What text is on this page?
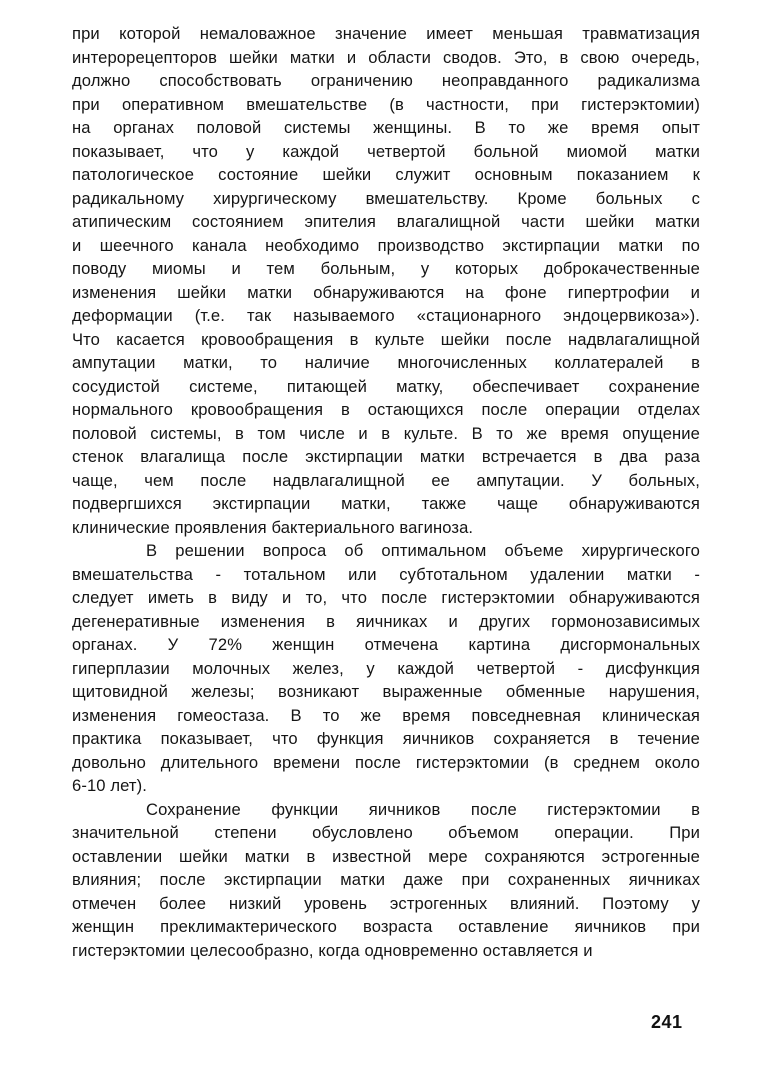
при которой немаловажное значение имеет меньшая травматизация
интерорецепторов шейки матки и области сводов. Это, в свою очередь,
должно способствовать ограничению неоправданного радикализма
при оперативном вмешательстве (в частности, при гистерэктомии)
на органах половой системы женщины. В то же время опыт
показывает, что у каждой четвертой больной миомой матки
патологическое состояние шейки служит основным показанием к
радикальному хирургическому вмешательству. Кроме больных с
атипическим состоянием эпителия влагалищной части шейки матки
и шеечного канала необходимо производство экстирпации матки по
поводу миомы и тем больным, у которых доброкачественные
изменения шейки матки обнаруживаются на фоне гипертрофии и
деформации (т.е. так называемого «стационарного эндоцервикоза»).
Что касается кровообращения в культе шейки после надвлагалищной
ампутации матки, то наличие многочисленных коллатералей в
сосудистой системе, питающей матку, обеспечивает сохранение
нормального кровообращения в остающихся после операции отделах
половой системы, в том числе и в культе. В то же время опущение
стенок влагалища после экстирпации матки встречается в два раза
чаще, чем после надвлагалищной ее ампутации. У больных,
подвергшихся экстирпации матки, также чаще обнаруживаются
клинические проявления бактериального вагиноза.
В решении вопроса об оптимальном объеме хирургического
вмешательства - тотальном или субтотальном удалении матки -
следует иметь в виду и то, что после гистерэктомии обнаруживаются
дегенеративные изменения в яичниках и других гормонозависимых
органах. У 72% женщин отмечена картина дисгормональных
гиперплазии молочных желез, у каждой четвертой - дисфункция
щитовидной железы; возникают выраженные обменные нарушения,
изменения гомеостаза. В то же время повседневная клиническая
практика показывает, что функция яичников сохраняется в течение
довольно длительного времени после гистерэктомии (в среднем около
6-10 лет).
Сохранение функции яичников после гистерэктомии в
значительной степени обусловлено объемом операции. При
оставлении шейки матки в известной мере сохраняются эстрогенные
влияния; после экстирпации матки даже при сохраненных яичниках
отмечен более низкий уровень эстрогенных влияний. Поэтому у
женщин преклимактерического возраста оставление яичников при
гистерэктомии целесообразно, когда одновременно оставляется и
241
